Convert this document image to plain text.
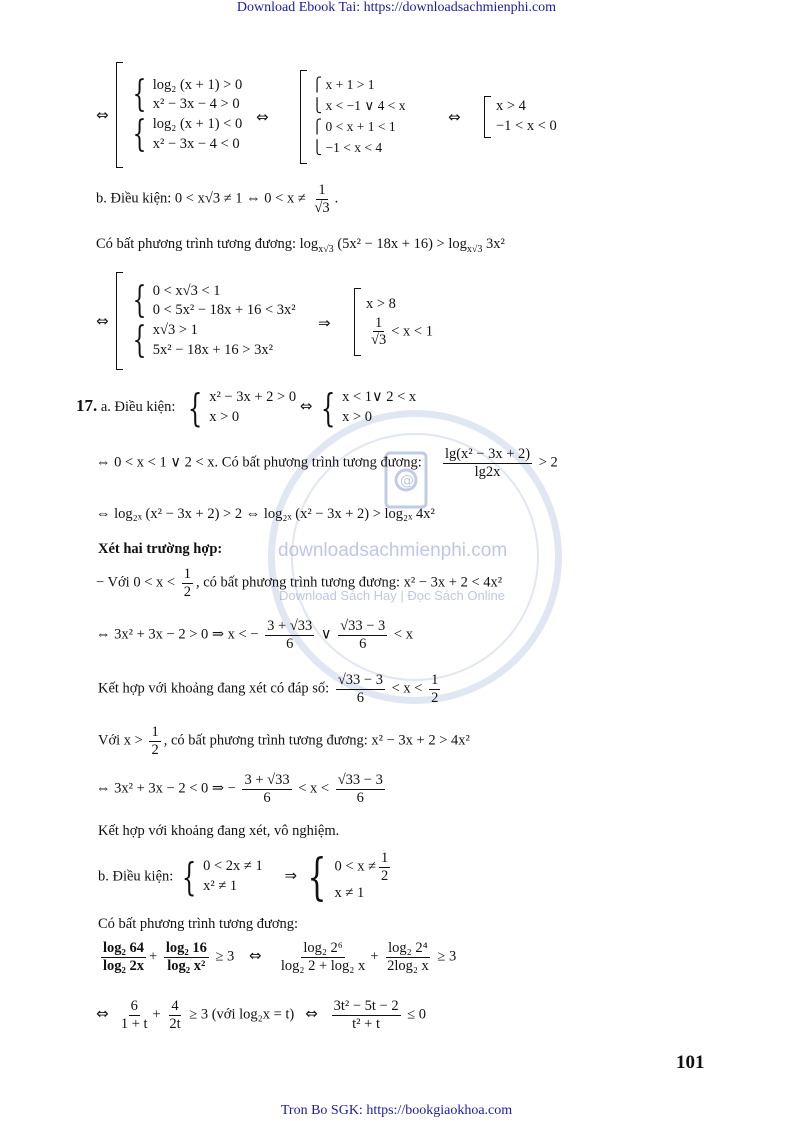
Download Ebook Tai: https://downloadsachmienphi.com
Tron Bo SGK: https://bookgiaokhoa.com
@
downloadsachmienphi.com
Download Sách Hay | Đọc Sách Online
⇔
{ log₂ (x + 1) > 0
x² − 3x − 4 > 0
{ log₂ (x + 1) < 0
x² − 3x − 4 < 0
⇔
⎧ x + 1 > 1
⎩ x < −1 ∨ 4 < x
⎧ 0 < x + 1 < 1
⎩ −1 < x < 4
⇔
x > 4
−1 < x < 0
b. Điều kiện: 0 < x√3 ≠ 1 ⇔ $0 < x \ne \frac{1}{√3}$ .
Có bất phương trình tương đương: $\log_{x√3} (5x^2 - 18x + 16) > \log_{x√3} 3x^2$
⇔
{ 0 < x√3 < 1
0 < 5x² − 18x + 16 < 3x²
{ x√3 > 1
5x² − 18x + 16 > 3x²
⇒
x > 8
$\frac{1}{√3} < x < 1$
17. a. Điều kiện: { x² − 3x + 2 > 0
x > 0
⇔ { x < 1∨ 2 < x
x > 0
⇔ 0 < x < 1 ∨ 2 < x. Có bất phương trình tương đương: $\frac{\text{lg(x² − 3x + 2)}}{\lg 2x} > 2$
⇔ log₂ₓ (x² − 3x + 2) > 2 ⇔ log₂ₓ (x² − 3x + 2) > log₂ₓ 4x²
Xét hai trường hợp:
− Với $0 < x < \frac{1}{2}$ , có bất phương trình tương đương: x² − 3x + 2 < 4x²
⇔ 3x² + 3x − 2 > 0 ⇒ x < − $\frac{3 + √33}{6}$ ∨ $\frac{√33 - 3}{6} < x$
Kết hợp với khoảng đang xét có đáp số: $\frac{√33 - 3}{6} < x < \frac{1}{2}$
Với $x > \frac{1}{2}$ , có bất phương trình tương đương: x² − 3x + 2 > 4x²
⇔ 3x² + 3x − 2 < 0 ⇒ − $\frac{3 + √33}{6} < x < \frac{√33 - 3}{6}$
Kết hợp với khoảng đang xét, vô nghiệm.
b. Điều kiện: { 0 < 2x ≠ 1
x² ≠ 1
⇒ { $0 < x \ne \frac{1}{2}$
x ≠ 1
Có bất phương trình tương đương:
$\frac{\text{log₂ 64}}{\text{log₂ 2x}} + \frac{\text{log₂ 16}}{\text{log₂ x²}} \ge 3$ ⇔ $\frac{\text{log₂ 2⁶}}{\text{log₂ 2 + log₂ x}} + \frac{\text{log₂ 2⁴}}{\text{2log₂ x}} \ge 3$
⇔ $\frac{6}{1 + t} + \frac{4}{2t} \ge 3$ (với log₂x = t) ⇔ $\frac{\text{3t² − 5t − 2}}{\text{t² + t}} \le 0$
101
